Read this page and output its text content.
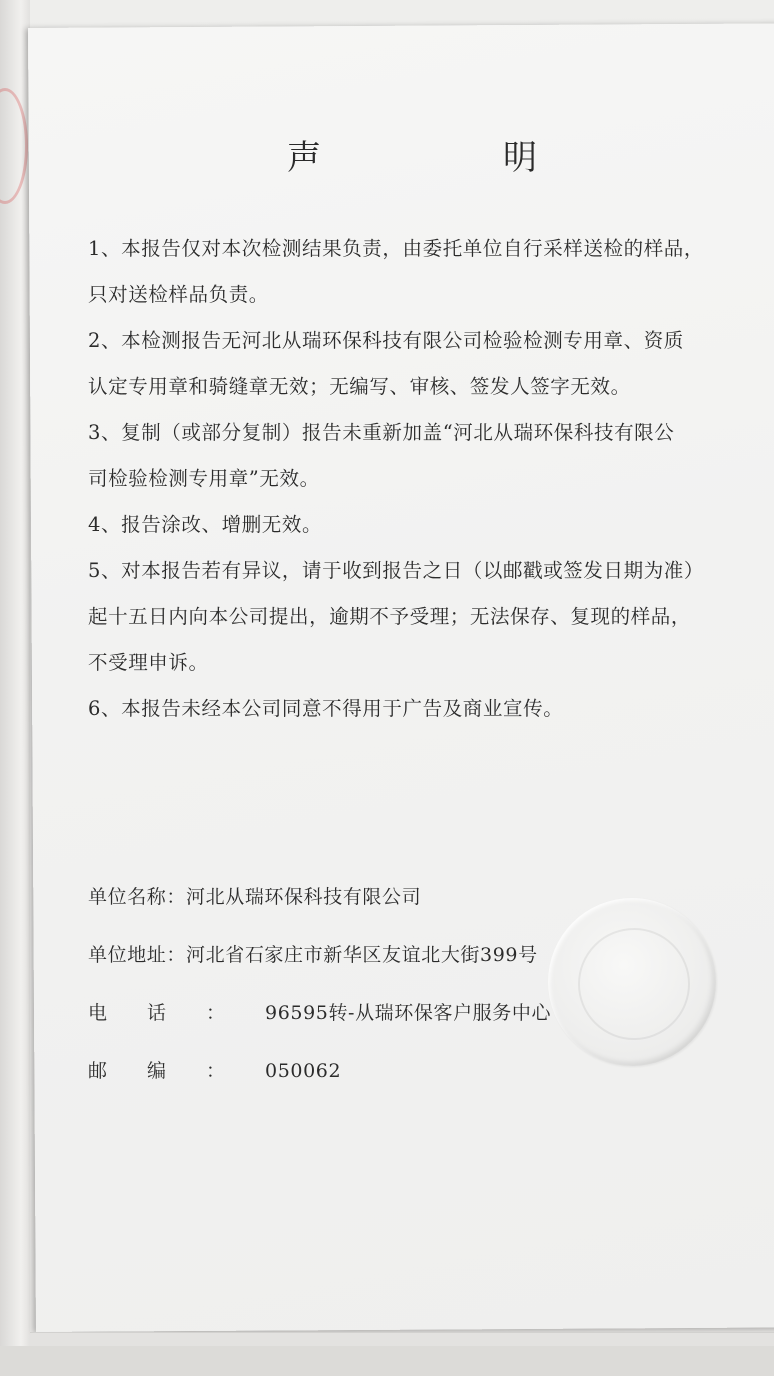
声　明
1、本报告仅对本次检测结果负责，由委托单位自行采样送检的样品，
只对送检样品负责。
2、本检测报告无河北从瑞环保科技有限公司检验检测专用章、资质
认定专用章和骑缝章无效；无编写、审核、签发人签字无效。
3、复制（或部分复制）报告未重新加盖“河北从瑞环保科技有限公
司检验检测专用章”无效。
4、报告涂改、增删无效。
5、对本报告若有异议，请于收到报告之日（以邮戳或签发日期为准）
起十五日内向本公司提出，逾期不予受理；无法保存、复现的样品，
不受理申诉。
6、本报告未经本公司同意不得用于广告及商业宣传。
单位名称：河北从瑞环保科技有限公司
单位地址：河北省石家庄市新华区友谊北大街399号
电话：96595转-从瑞环保客户服务中心
邮编：050062
